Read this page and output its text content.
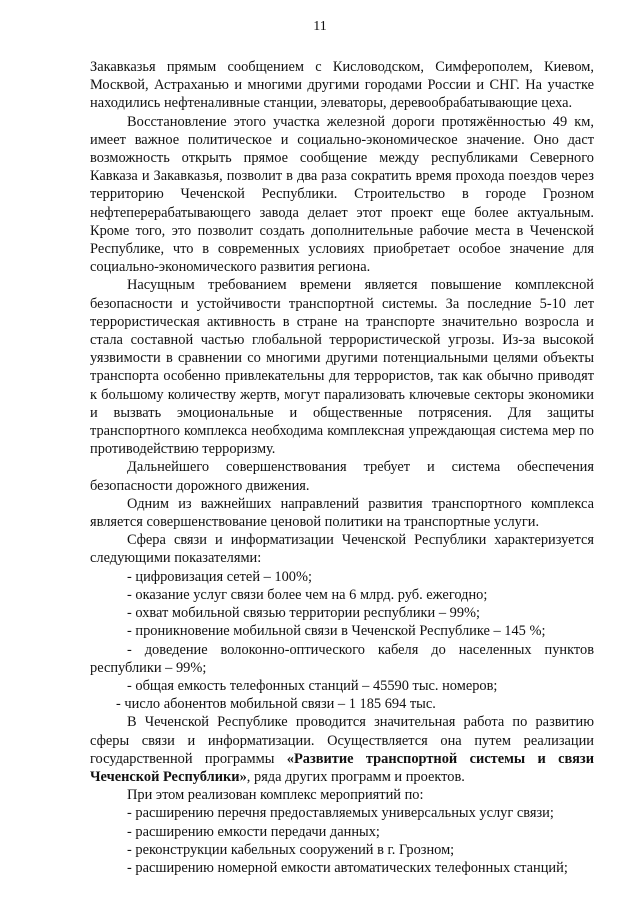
11

Закавказья прямым сообщением с Кисловодском, Симферополем, Киевом, Москвой, Астраханью и многими другими городами России и СНГ. На участке находились нефтеналивные станции, элеваторы, деревообрабатывающие цеха.

Восстановление этого участка железной дороги протяжённостью 49 км, имеет важное политическое и социально-экономическое значение. Оно даст возможность открыть прямое сообщение между республиками Северного Кавказа и Закавказья, позволит в два раза сократить время прохода поездов через территорию Чеченской Республики. Строительство в городе Грозном нефтеперерабатывающего завода делает этот проект еще более актуальным. Кроме того, это позволит создать дополнительные рабочие места в Чеченской Республике, что в современных условиях приобретает особое значение для социально-экономического развития региона.

Насущным требованием времени является повышение комплексной безопасности и устойчивости транспортной системы. За последние 5-10 лет террористическая активность в стране на транспорте значительно возросла и стала составной частью глобальной террористической угрозы. Из-за высокой уязвимости в сравнении со многими другими потенциальными целями объекты транспорта особенно привлекательны для террористов, так как обычно приводят к большому количеству жертв, могут парализовать ключевые секторы экономики и вызвать эмоциональные и общественные потрясения. Для защиты транспортного комплекса необходима комплексная упреждающая система мер по противодействию терроризму.

Дальнейшего совершенствования требует и система обеспечения безопасности дорожного движения.

Одним из важнейших направлений развития транспортного комплекса является совершенствование ценовой политики на транспортные услуги.

Сфера связи и информатизации Чеченской Республики характеризуется следующими показателями:

- цифровизация сетей – 100%;

- оказание услуг связи более чем на 6 млрд. руб. ежегодно;

- охват мобильной связью территории республики – 99%;

- проникновение мобильной связи в Чеченской Республике – 145 %;

- доведение волоконно-оптического кабеля до населенных пунктов республики – 99%;

- общая емкость телефонных станций – 45590 тыс. номеров;

- число абонентов мобильной связи – 1 185 694 тыс.

В Чеченской Республике проводится значительная работа по развитию сферы связи и информатизации. Осуществляется она путем реализации государственной программы «Развитие транспортной системы и связи Чеченской Республики», ряда других программ и проектов.

При этом реализован комплекс мероприятий по:

- расширению перечня предоставляемых универсальных услуг связи;

- расширению емкости передачи данных;

- реконструкции кабельных сооружений в г. Грозном;

- расширению номерной емкости автоматических телефонных станций;
